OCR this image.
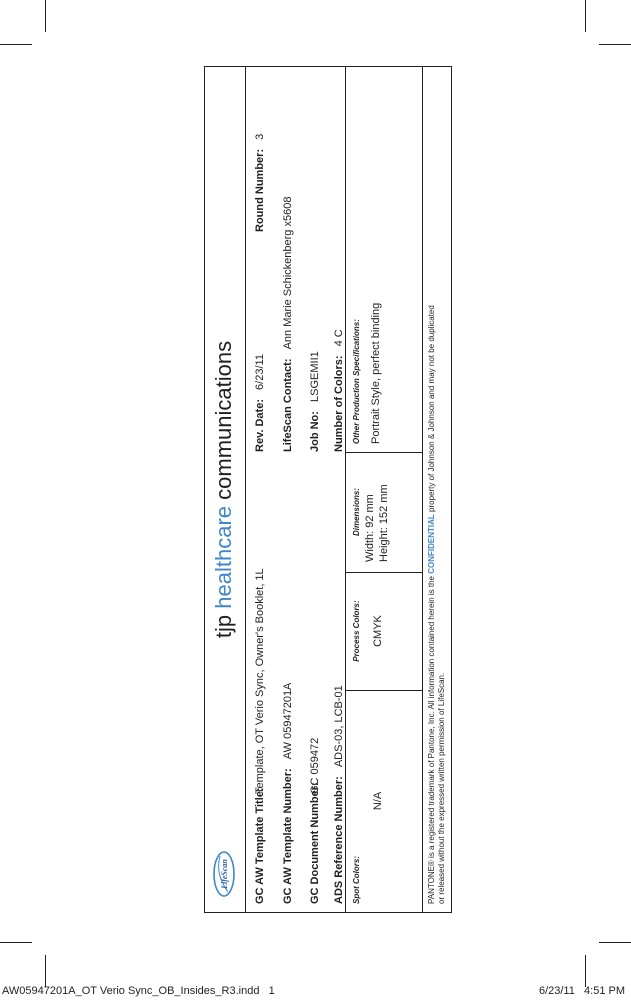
LifeScan
tjp healthcare communications
GC AW Template Title:
Template, OT Verio Sync, Owner's Booklet, 1L
Rev. Date: 6/23/11
Round Number: 3
GC AW Template Number: AW 05947201A
LifeScan Contact: Ann Marie Schickenberg x5608
GC Document Number:
GC 059472
Job No: LSGEMII1
ADS Reference Number: ADS-03, LCB-01
Number of Colors: 4 C
Spot Colors:
N/A
Process Colors: CMYK
Dimensions: Width: 92 mm Height: 152 mm
Other Production Specifications: Portrait Style, perfect binding
PANTONE® is a registered trademark of Pantone, Inc. All information contained herein is the CONFIDENTIAL property of Johnson & Johnson and may not be duplicated
or released without the expressed written permission of LifeScan.
AW05947201A_OT Verio Sync_OB_Insides_R3.indd   1	6/23/11   4:51 PM
